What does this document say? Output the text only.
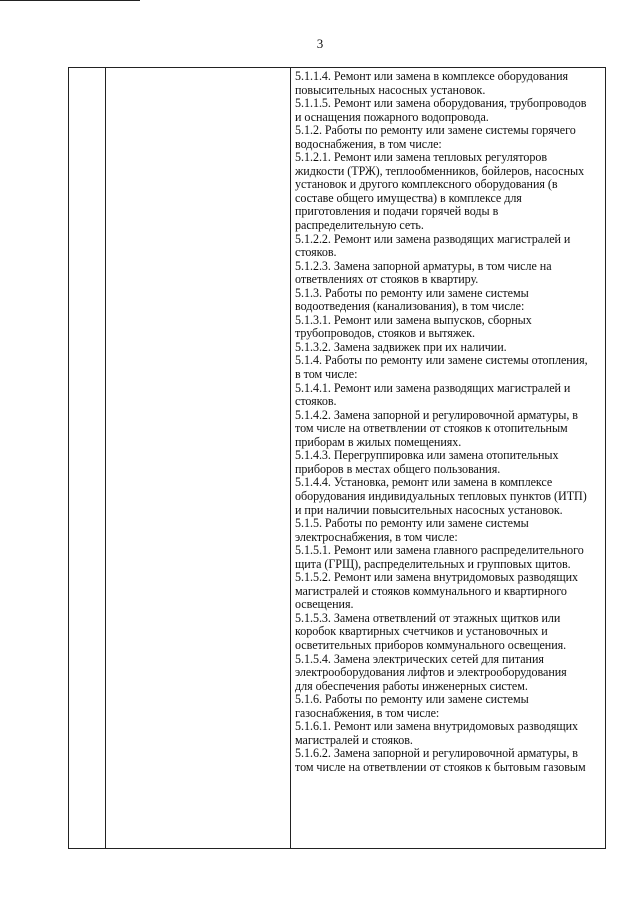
3
5.1.1.4. Ремонт или замена в комплексе оборудования
повысительных насосных установок.
5.1.1.5. Ремонт или замена оборудования, трубопроводов
и оснащения пожарного водопровода.
5.1.2. Работы по ремонту или замене системы горячего
водоснабжения, в том числе:
5.1.2.1. Ремонт или замена тепловых регуляторов
жидкости (ТРЖ), теплообменников, бойлеров, насосных
установок и другого комплексного оборудования (в
составе общего имущества) в комплексе для
приготовления и подачи горячей воды в
распределительную сеть.
5.1.2.2. Ремонт или замена разводящих магистралей и
стояков.
5.1.2.3. Замена запорной арматуры, в том числе на
ответвлениях от стояков в квартиру.
5.1.3. Работы по ремонту или замене системы
водоотведения (канализования), в том числе:
5.1.3.1. Ремонт или замена выпусков, сборных
трубопроводов, стояков и вытяжек.
5.1.3.2. Замена задвижек при их наличии.
5.1.4. Работы по ремонту или замене системы отопления,
в том числе:
5.1.4.1. Ремонт или замена разводящих магистралей и
стояков.
5.1.4.2. Замена запорной и регулировочной арматуры, в
том числе на ответвлении от стояков к отопительным
приборам в жилых помещениях.
5.1.4.3. Перегруппировка или замена отопительных
приборов в местах общего пользования.
5.1.4.4. Установка, ремонт или замена в комплексе
оборудования индивидуальных тепловых пунктов (ИТП)
и при наличии повысительных насосных установок.
5.1.5. Работы по ремонту или замене системы
электроснабжения, в том числе:
5.1.5.1. Ремонт или замена главного распределительного
щита (ГРЩ), распределительных и групповых щитов.
5.1.5.2. Ремонт или замена внутридомовых разводящих
магистралей и стояков коммунального и квартирного
освещения.
5.1.5.3. Замена ответвлений от этажных щитков или
коробок квартирных счетчиков и установочных и
осветительных приборов коммунального освещения.
5.1.5.4. Замена электрических сетей для питания
электрооборудования лифтов и электрооборудования
для обеспечения работы инженерных систем.
5.1.6. Работы по ремонту или замене системы
газоснабжения, в том числе:
5.1.6.1. Ремонт или замена внутридомовых разводящих
магистралей и стояков.
5.1.6.2. Замена запорной и регулировочной арматуры, в
том числе на ответвлении от стояков к бытовым газовым
